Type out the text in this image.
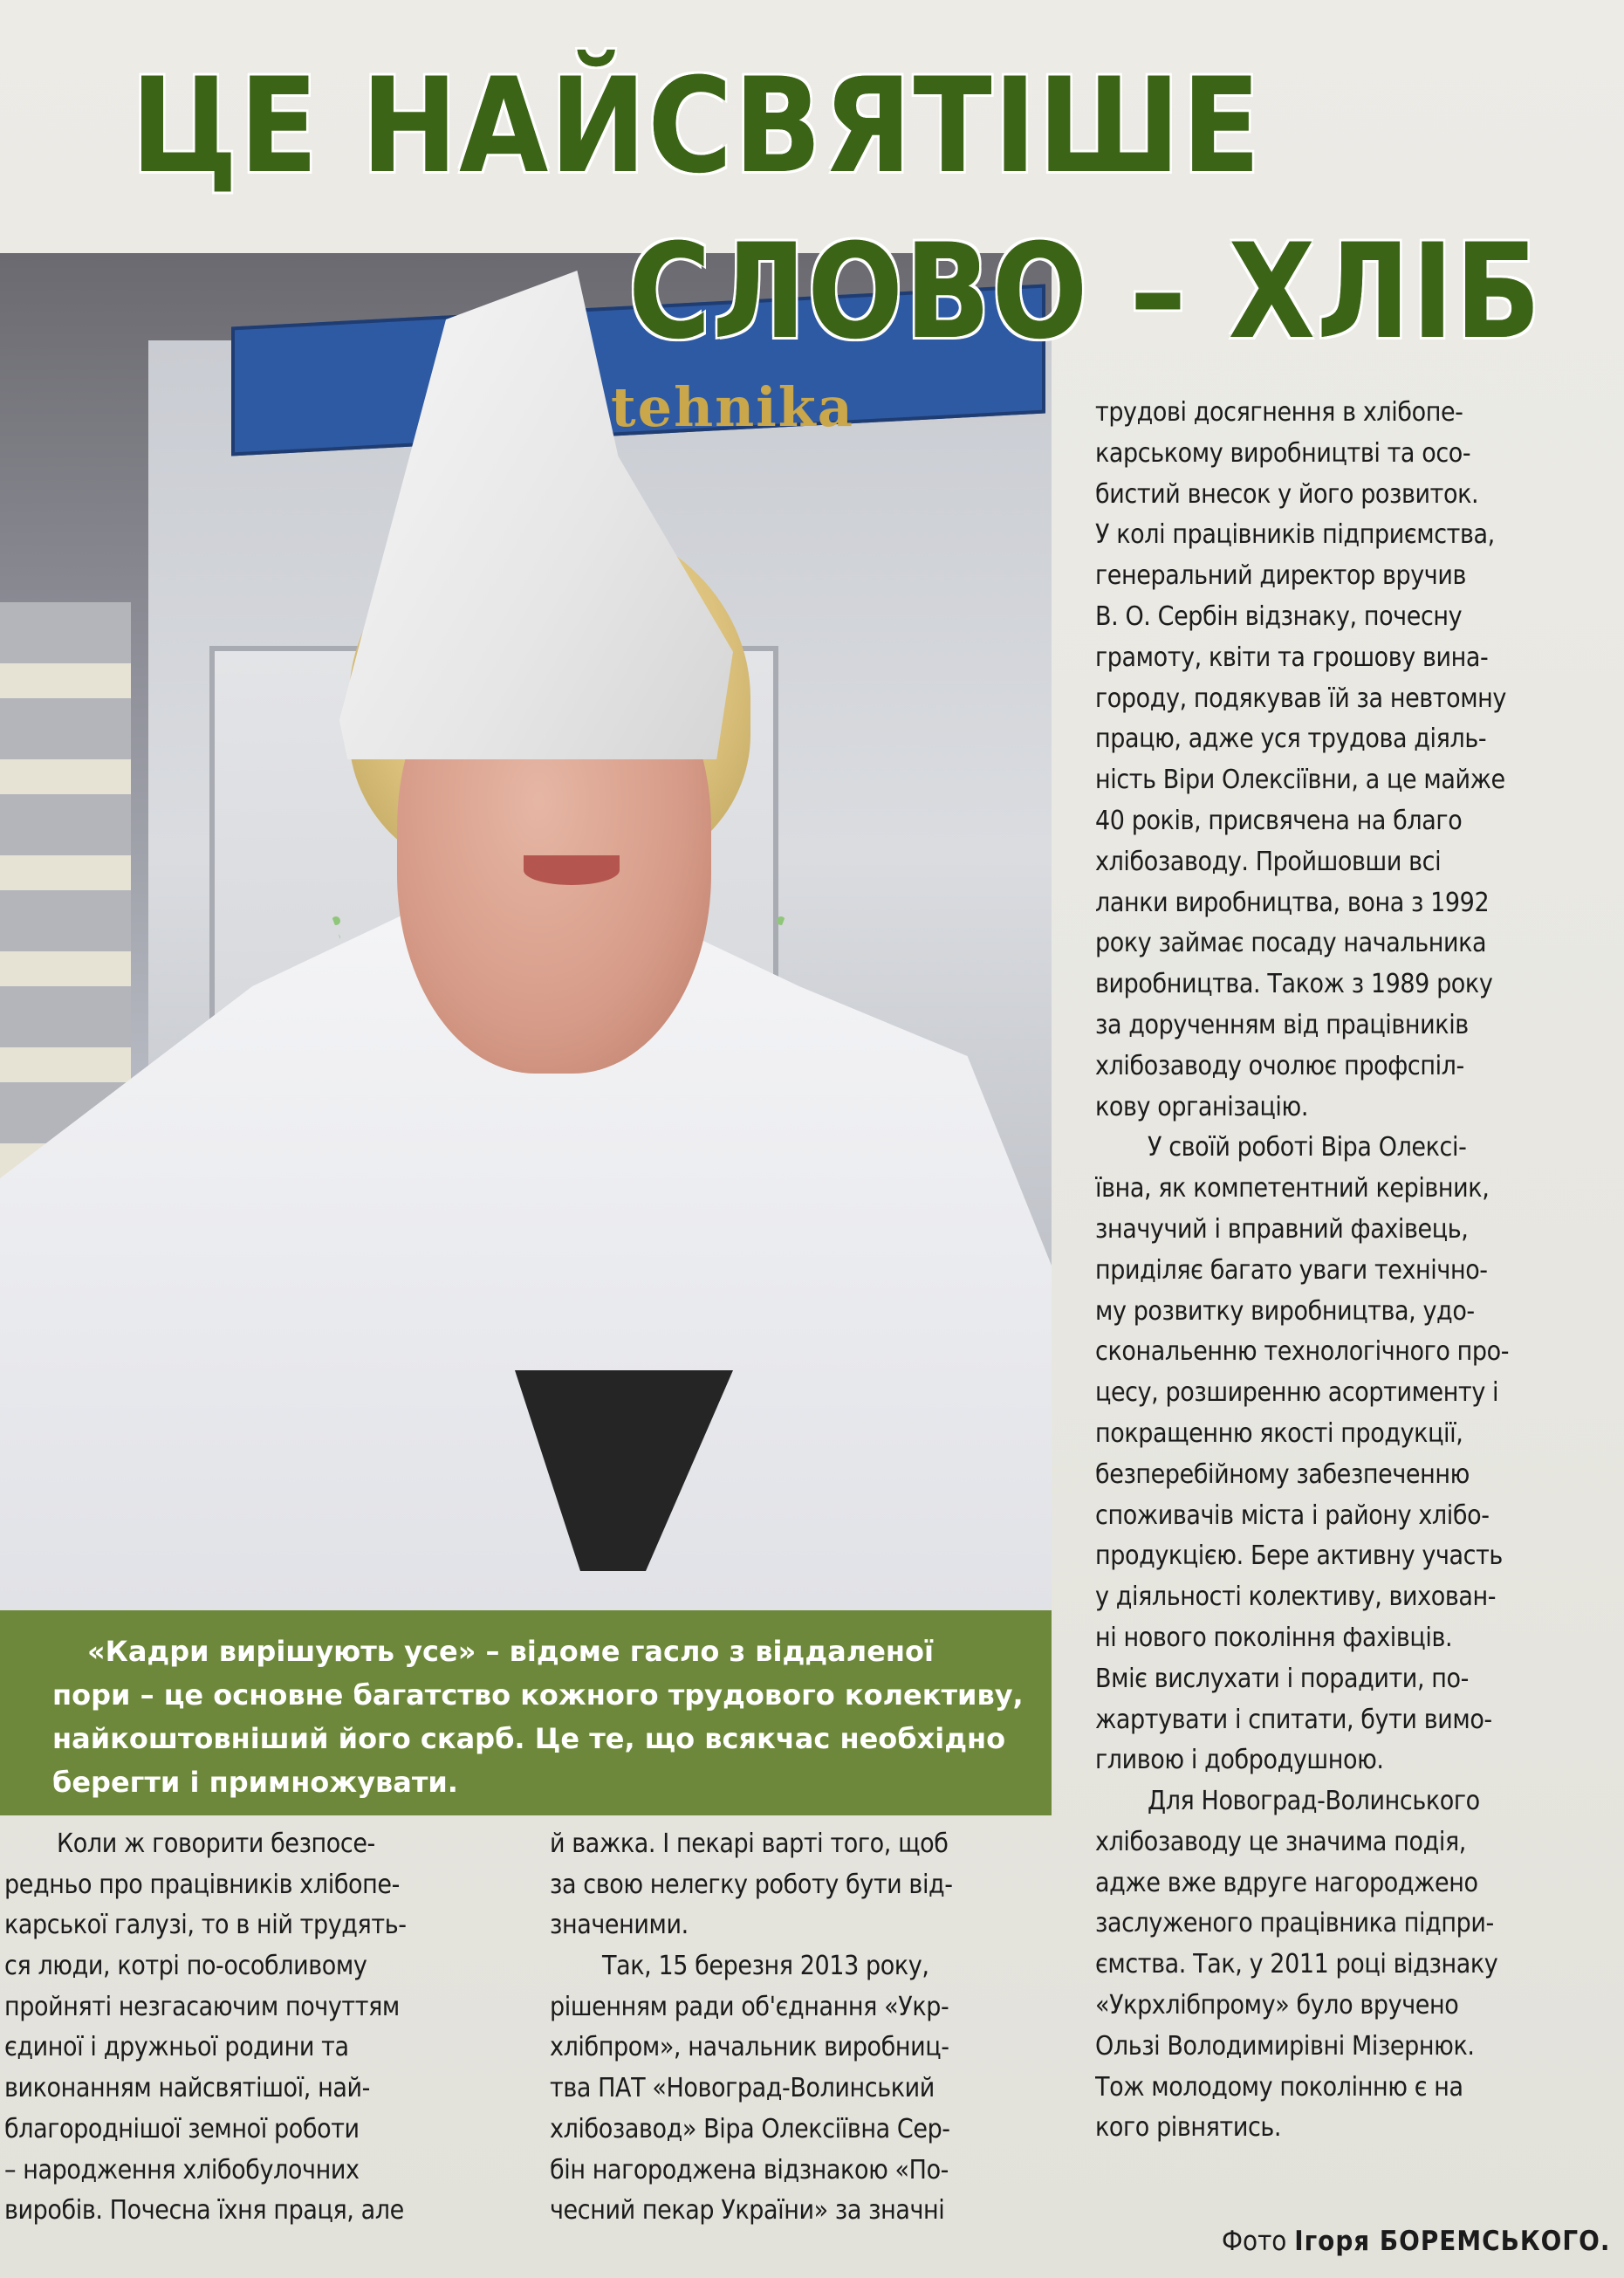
tehnika
ЦЕ НАЙСВЯТІШЕ
СЛОВО – ХЛІБ
«Кадри вирішують усе» – відоме гасло з віддаленої
пори – це основне багатство кожного трудового колективу,
найкоштовніший його скарб. Це те, що всякчас необхідно
берегти і примножувати.
Коли ж говорити безпосе-
редньо про працівників хлібопе-
карської галузі, то в ній трудять-
ся люди, котрі по-особливому
пройняті незгасаючим почуттям
єдиної і дружньої родини та
виконанням найсвятішої, най-
благороднішої земної роботи
– народження хлібобулочних
виробів. Почесна їхня праця, але
й важка. І пекарі варті того, щоб
за свою нелегку роботу бути від-
значеними.
Так, 15 березня 2013 року,
рішенням ради об'єднання «Укр-
хлібпром», начальник виробниц-
тва ПАТ «Новоград-Волинський
хлібозавод» Віра Олексіївна Сер-
бін нагороджена відзнакою «По-
чесний пекар України» за значні
трудові досягнення в хлібопе-
карському виробництві та осо-
бистий внесок у його розвиток.
У колі працівників підприємства,
генеральний директор вручив
В. О. Сербін відзнаку, почесну
грамоту, квіти та грошову вина-
городу, подякував їй за невтомну
працю, адже уся трудова діяль-
ність Віри Олексіївни, а це майже
40 років, присвячена на благо
хлібозаводу. Пройшовши всі
ланки виробництва, вона з 1992
року займає посаду начальника
виробництва. Також з 1989 року
за дорученням від працівників
хлібозаводу очолює профспіл-
кову організацію.
У своїй роботі Віра Олексі-
ївна, як компетентний керівник,
значучий і вправний фахівець,
приділяє багато уваги технічно-
му розвитку виробництва, удо-
скональенню технологічного про-
цесу, розширенню асортименту і
покращенню якості продукції,
безперебійному забезпеченню
споживачів міста і району хлібо-
продукцією. Бере активну участь
у діяльності колективу, вихован-
ні нового покоління фахівців.
Вміє вислухати і порадити, по-
жартувати і спитати, бути вимо-
гливою і добродушною.
Для Новоград-Волинського
хлібозаводу це значима подія,
адже вже вдруге нагороджено
заслуженого працівника підпри-
ємства. Так, у 2011 році відзнаку
«Укрхлібпрому» було вручено
Ользі Володимирівні Мізернюк.
Тож молодому поколінню є на
кого рівнятись.
Фото Ігоря БОРЕМСЬКОГО.
